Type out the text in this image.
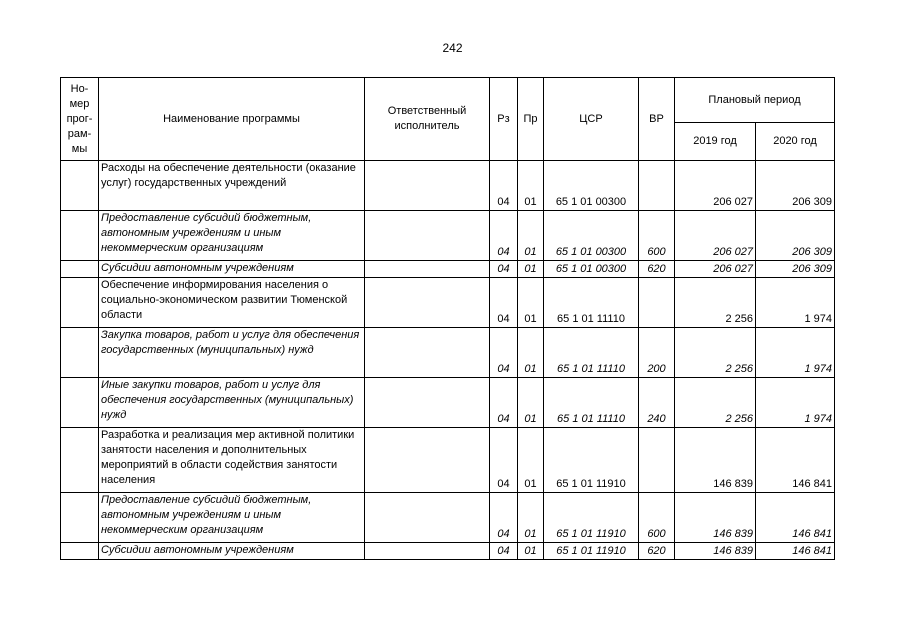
242
Но-
мер
прог-
рам-
мы	Наименование программы	Ответственный исполнитель	Рз	Пр	ЦСР	ВР	Плановый период	
							2019 год	2020 год
	Расходы на обеспечение деятельности (оказание услуг) государственных учреждений		04	01	65 1 01 00300		206 027	206 309
	Предоставление субсидий бюджетным, автономным учреждениям и иным некоммерческим организациям		04	01	65 1 01 00300	600	206 027	206 309
	Субсидии автономным учреждениям		04	01	65 1 01 00300	620	206 027	206 309
	Обеспечение информирования населения о социально-экономическом развитии Тюменской области		04	01	65 1 01 11110		2 256	1 974
	Закупка товаров, работ и услуг для обеспечения государственных (муниципальных) нужд		04	01	65 1 01 11110	200	2 256	1 974
	Иные закупки товаров, работ и услуг для обеспечения государственных (муниципальных) нужд		04	01	65 1 01 11110	240	2 256	1 974
	Разработка и реализация мер активной политики занятости населения и дополнительных мероприятий в области содействия занятости населения		04	01	65 1 01 11910		146 839	146 841
	Предоставление субсидий бюджетным, автономным учреждениям и иным некоммерческим организациям		04	01	65 1 01 11910	600	146 839	146 841
	Субсидии автономным учреждениям		04	01	65 1 01 11910	620	146 839	146 841
